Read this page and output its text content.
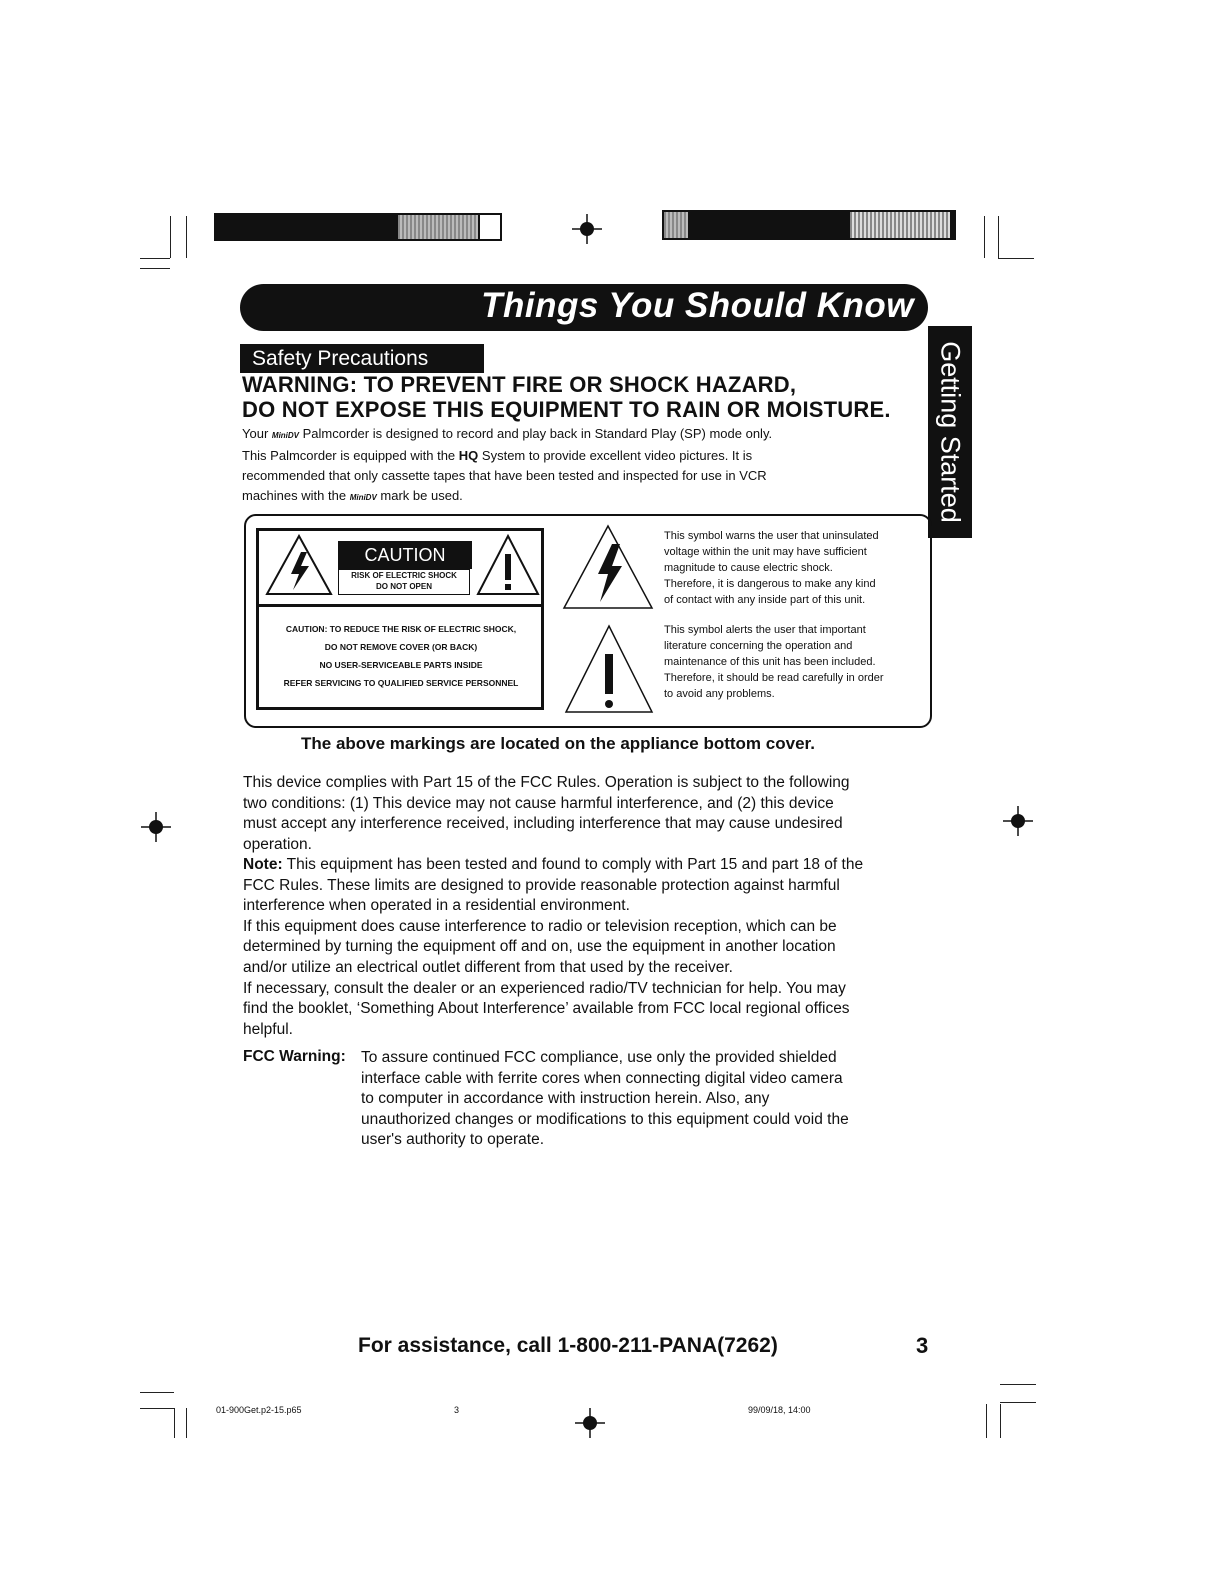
Things You Should Know
Getting Started
Safety Precautions
WARNING: TO PREVENT FIRE OR SHOCK HAZARD,
DO NOT EXPOSE THIS EQUIPMENT TO RAIN OR MOISTURE.
Your MiniDV Palmcorder is designed to record and play back in Standard Play (SP) mode only.
This Palmcorder is equipped with the HQ System to provide excellent video pictures. It is
recommended that only cassette tapes that have been tested and inspected for use in VCR
machines with the MiniDV mark be used.
CAUTION
RISK OF ELECTRIC SHOCK
DO NOT OPEN
CAUTION: TO REDUCE THE RISK OF ELECTRIC SHOCK,
DO NOT REMOVE COVER (OR BACK)
NO USER-SERVICEABLE PARTS INSIDE
REFER SERVICING TO QUALIFIED SERVICE PERSONNEL
This symbol warns the user that uninsulated
voltage within the unit may have sufficient
magnitude to cause electric shock.
Therefore, it is dangerous to make any kind
of contact with any inside part of this unit.
This symbol alerts the user that important
literature concerning the operation and
maintenance of this unit has been included.
Therefore, it should be read carefully in order
to avoid any problems.
The above markings are located on the appliance bottom cover.
This device complies with Part 15 of the FCC Rules. Operation is subject to the following
two conditions: (1) This device may not cause harmful interference, and (2) this device
must accept any interference received, including interference that may cause undesired
operation.
Note: This equipment has been tested and found to comply with Part 15 and part 18 of the
FCC Rules. These limits are designed to provide reasonable protection against harmful
interference when operated in a residential environment.
If this equipment does cause interference to radio or television reception, which can be
determined by turning the equipment off and on, use the equipment in another location
and/or utilize an electrical outlet different from that used by the receiver.
If necessary, consult the dealer or an experienced radio/TV technician for help. You may
find the booklet, ‘Something About Interference’ available from FCC local regional offices
helpful.
FCC Warning: To assure continued FCC compliance, use only the provided shielded
interface cable with ferrite cores when connecting digital video camera
to computer in accordance with instruction herein. Also, any
unauthorized changes or modifications to this equipment could void the
user's authority to operate.
For assistance, call 1-800-211-PANA(7262)	3
01-900Get.p2-15.p65	3	99/09/18, 14:00
